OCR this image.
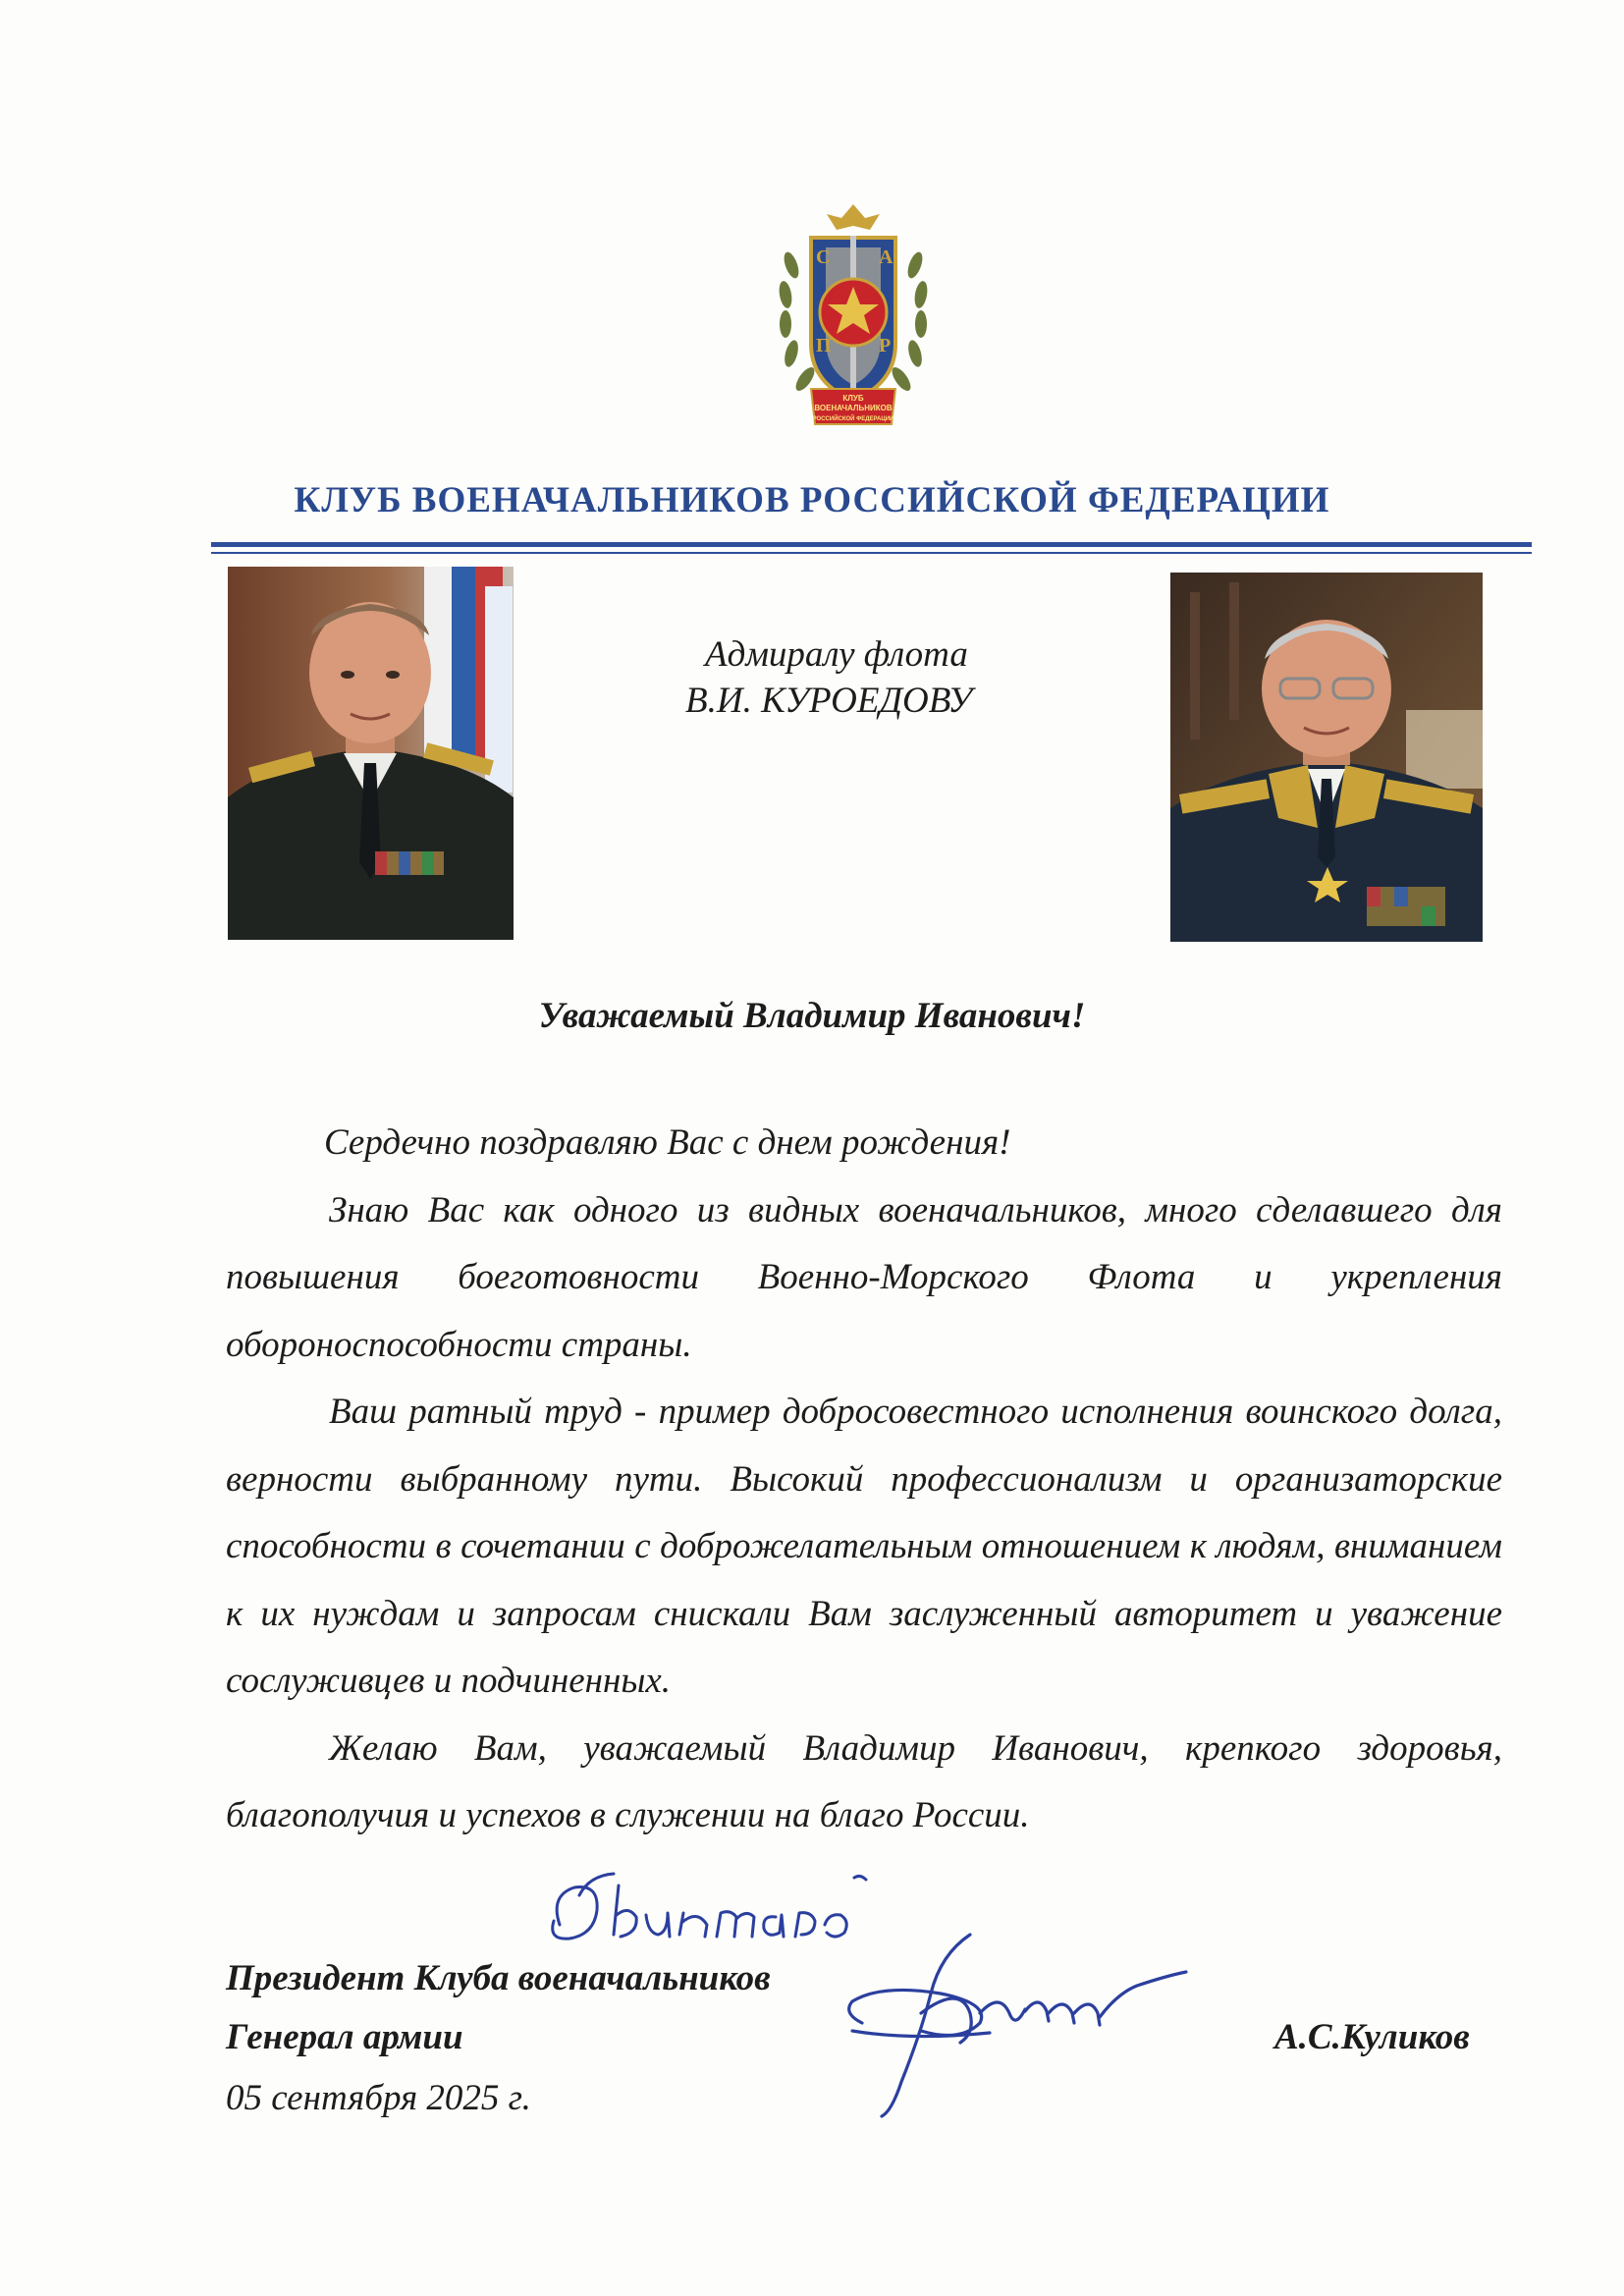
С А
П Р
КЛУБ
ВОЕНАЧАЛЬНИКОВ
РОССИЙСКОЙ ФЕДЕРАЦИИ
КЛУБ ВОЕНАЧАЛЬНИКОВ РОССИЙСКОЙ ФЕДЕРАЦИИ
Адмиралу флота
В.И. КУРОЕДОВУ
Уважаемый Владимир Иванович!

Сердечно поздравляю Вас с днем рождения!

Знаю Вас как одного из видных военачальников, много сделавшего для повышения боеготовности Военно-Морского Флота и укрепления обороноспособности страны.

Ваш ратный труд - пример добросовестного исполнения воинского долга, верности выбранному пути. Высокий профессионализм и организаторские способности в сочетании с доброжелательным отношением к людям, вниманием к их нуждам и запросам снискали Вам заслуженный авторитет и уважение сослуживцев и подчиненных.

Желаю Вам, уважаемый Владимир Иванович, крепкого здоровья, благополучия и успехов в служении на благо России.

Президент Клуба военачальников
Генерал армии
05 сентября 2025 г.
А.С.Куликов
